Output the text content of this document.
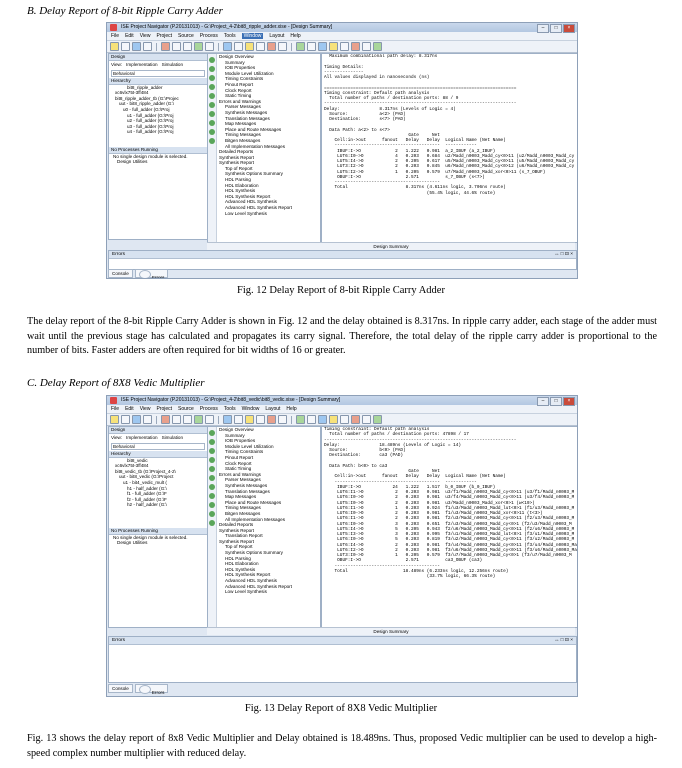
B. Delay Report of 8-bit Ripple Carry Adder
ISE Project Navigator (P.20131013) - G:\Project_4-2\bit8_ripple_adder.xise - [Design Summary]	–	□	×
File Edit View Project Source Process Tools Window Layout Help
Design
View: Implementation Simulation
Behavioral
Hierarchy
bit8_ripple_adder
xc6vlx75t-3ff484
bit8_ripple_adder_tb (G:\Projec
uut - bit8_ripple_adder (G:\
u0 - full_adder (G:\Proj
u1 - full_adder (G:\Proj
u2 - full_adder (G:\Proj
u3 - full_adder (G:\Proj
u4 - full_adder (G:\Proj
No Processes Running
No single design module is selected.
Design Utilities
Design Overview
Summary
IOB Properties
Module Level Utilization
Timing Constraints
Pinout Report
Clock Report
Static Timing
Errors and Warnings
Parser Messages
Synthesis Messages
Translation Messages
Map Messages
Place and Route Messages
Timing Messages
Bitgen Messages
All Implementation Messages
Detailed Reports
Synthesis Report
Synthesis Report
Top of Report
Synthesis Options Summary
HDL Parsing
HDL Elaboration
HDL Synthesis
HDL Synthesis Report
Advanced HDL Synthesis
Advanced HDL Synthesis Report
Low Level Synthesis
Maximum combinational path delay: 8.317ns
Timing Details:
---------------
All values displayed in nanoseconds (ns)
=========================================================================
Timing constraint: Default path analysis
Total number of paths / destination ports: 88 / 9
-------------------------------------------------------------------------
Delay:               8.317ns (Levels of Logic = 4)
Source:            a<2> (PAD)
Destination:       s<7> (PAD)
Data Path: a<2> to s<7>
Gate     Net
Cell:in->out      fanout   Delay   Delay  Logical Name (Net Name)
----------------------------------------  ------------
IBUF:I->O             2   1.222   0.981  a_2_IBUF (a_2_IBUF)
LUT6:I0->O            4   0.203   0.684  u2/Madd_n0003_Madd_cy<0>11 (u2/Madd_n0003_Madd_cy
LUT5:I4->O            2   0.205   0.617  u5/Madd_n0003_Madd_cy<0>11 (u5/Madd_n0003_Madd_cy
LUT3:I2->O            2   0.203   0.845  u6/Madd_n0003_Madd_cy<0>12 (u6/Madd_n0003_Madd_cy
LUT5:I2->O            1   0.205   0.579  u7/Madd_n0003_Madd_xor<0>11 (s_7_OBUF)
OBUF:I->O                 2.571          s_7_OBUF (s<7>)
----------------------------------------
Total                      8.317ns (4.611ns logic, 3.706ns route)
(55.4% logic, 44.6% route)
Design Summary
Errors	↔ □ ⊡ ×
Console
Errors
Fig. 12 Delay Report of 8-bit Ripple Carry Adder
The delay report of the 8-bit Ripple Carry Adder is shown in Fig. 12 and the delay obtained is 8.317ns. In ripple carry adder, each stage of the adder must wait until the previous stage has calculated and propagates its carry signal. Therefore, the total delay of the ripple carry adder is proportional to the number of bits. Faster adders are often required for bit widths of 16 or greater.
C. Delay Report of 8X8 Vedic Multiplier
ISE Project Navigator (P.20131013) - G:\Project_4-2\bit8_vedic\bit8_vedic.xise - [Design Summary]	–	□	×
File Edit View Project Source Process Tools Window Layout Help
Design
View: Implementation Simulation
Behavioral
Hierarchy
bit8_vedic
xc6vlx75t-3ff484
bit8_vedic_tb (G:\Project_4-2\
uut - bit8_vedic (G:\Project
u1 - bit4_vedic_mult (
h1 - half_adder (G:\
f1 - full_adder (G:\F
f2 - full_adder (G:\F
h2 - half_adder (G:\
No Processes Running
No single design module is selected.
Design Utilities
Design Overview
Summary
IOB Properties
Module Level Utilization
Timing Constraints
Pinout Report
Clock Report
Static Timing
Errors and Warnings
Parser Messages
Synthesis Messages
Translation Messages
Map Messages
Place and Route Messages
Timing Messages
Bitgen Messages
All Implementation Messages
Detailed Reports
Synthesis Report
Translation Report
Synthesis Report
Top of Report
Synthesis Options Summary
HDL Parsing
HDL Elaboration
HDL Synthesis
HDL Synthesis Report
Advanced HDL Synthesis
Advanced HDL Synthesis Report
Low Level Synthesis
Timing constraint: Default path analysis
Total number of paths / destination ports: 47898 / 17
-------------------------------------------------------------------------
Delay:               18.489ns (Levels of Logic = 14)
Source:            b<0> (PAD)
Destination:       ca3 (PAD)
Data Path: b<0> to ca3
Gate     Net
Cell:in->out      fanout   Delay   Delay  Logical Name (Net Name)
----------------------------------------  ------------
IBUF:I->O            24   1.222   1.517  b_0_IBUF (b_0_IBUF)
LUT6:I1->O            2   0.203   0.981  u3/f1/Madd_n0003_Madd_cy<0>11 (u3/f1/Madd_n0003_M
LUT6:I0->O            2   0.203   0.981  u3/f4/Madd_n0003_Madd_cy<0>11 (u3/f4/Madd_n0003_M
LUT5:I0->O            2   0.203   0.981  u3/Madd_n0003_Madd_xor<0>1 (w<19>)
LUT6:I1->O            1   0.203   0.924  f1/u3/Madd_n0003_Madd_lut<0>1 (f1/u3/Madd_n0003_M
LUT6:I0->O            2   0.203   0.981  f1/u3/Madd_n0003_Madd_xor<0>11 (t<3>)
LUT6:I1->O            2   0.203   0.981  f2/u3/Madd_n0003_Madd_cy<0>11 (f2/u3/Madd_n0003_M
LUT6:I0->O            3   0.203   0.651  f2/u3/Madd_n0003_Madd_cy<0>1 (f2/u3/Madd_n0003_M
LUT5:I4->O            5   0.205   0.943  f2/u6/Madd_n0003_Madd_cy<0>11 (f2/u6/Madd_n0003_M
LUT5:I3->O            3   0.203   0.995  f3/u1/Madd_n0003_Madd_lut<0>1 (f3/u1/Madd_n0003_M
LUT6:I0->O            5   0.203   0.819  f3/u2/Madd_n0003_Madd_cy<0>11 (f3/u2/Madd_n0003_M
LUT6:I4->O            2   0.203   0.981  f3/u4/Madd_n0003_Madd_cy<0>11 (f3/u4/Madd_n0003_Ma
LUT6:I2->O            2   0.203   0.981  f3/u6/Madd_n0003_Madd_cy<0>11 (f3/u6/Madd_n0003_Ma
LUT3:I0->O            1   0.205   0.579  f3/u7/Madd_n0003_Madd_cy<0>1 (f3/u7/Madd_n0003_M
OBUF:I->O                 2.571          ca3_OBUF (ca3)
----------------------------------------
Total                     18.489ns (6.233ns logic, 12.256ns route)
(33.7% logic, 66.3% route)
Design Summary
Errors	↔ □ ⊡ ×
Console
Errors
Fig. 13 Delay Report of 8X8 Vedic Multiplier
Fig. 13 shows the delay report of 8x8 Vedic Multiplier and Delay obtained is 18.489ns. Thus, proposed Vedic multiplier can be used to develop a high-speed complex number multiplier with reduced delay.
